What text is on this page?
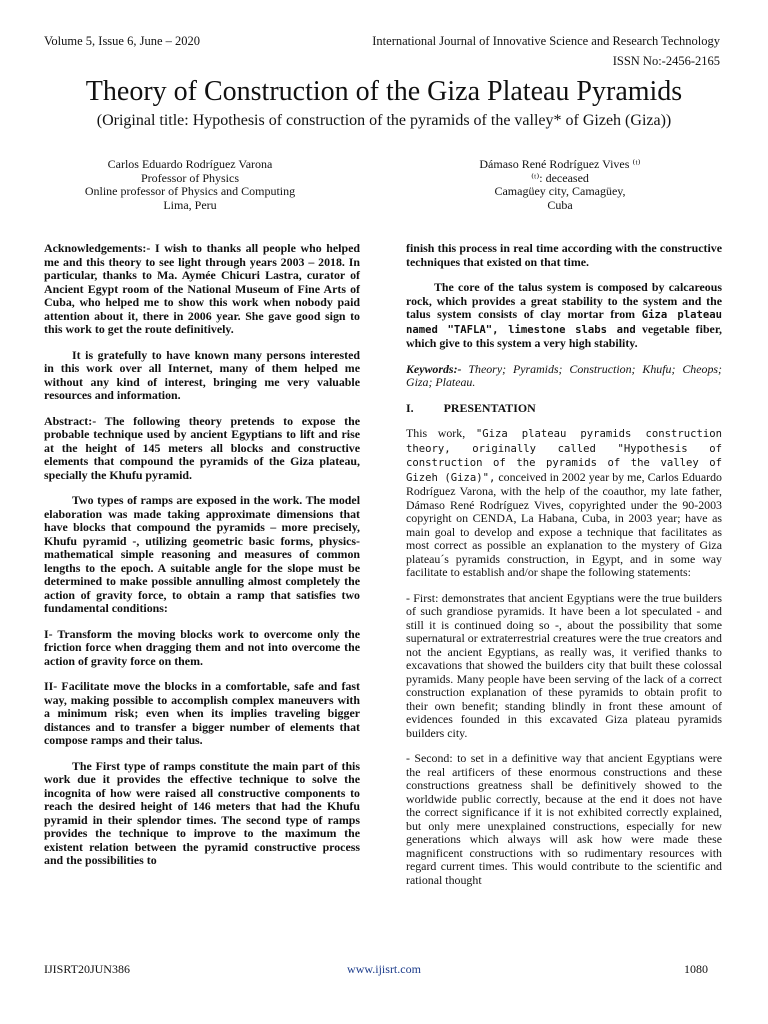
Volume 5, Issue 6, June – 2020	International Journal of Innovative Science and Research Technology
ISSN No:-2456-2165
Theory of Construction of the Giza Plateau Pyramids
(Original title: Hypothesis of construction of the pyramids of the valley* of Gizeh (Giza))
Carlos Eduardo Rodríguez Varona
Professor of Physics
Online professor of Physics and Computing
Lima, Peru
Dámaso René Rodríguez Vives ⁽ᵗ⁾
⁽ᵗ⁾: deceased
Camagüey city, Camagüey,
Cuba

Acknowledgements:- I wish to thanks all people who helped me and this theory to see light through years 2003 – 2018. In particular, thanks to Ma. Aymée Chicuri Lastra, curator of Ancient Egypt room of the National Museum of Fine Arts of Cuba, who helped me to show this work when nobody paid attention about it, there in 2006 year. She gave good sign to this work to get the route definitively.

It is gratefully to have known many persons interested in this work over all Internet, many of them helped me without any kind of interest, bringing me very valuable resources and information.

Abstract:- The following theory pretends to expose the probable technique used by ancient Egyptians to lift and rise at the height of 145 meters all blocks and constructive elements that compound the pyramids of the Giza plateau, specially the Khufu pyramid.

Two types of ramps are exposed in the work. The model elaboration was made taking approximate dimensions that have blocks that compound the pyramids – more precisely, Khufu pyramid -, utilizing geometric basic forms, physics-mathematical simple reasoning and measures of common lengths to the epoch. A suitable angle for the slope must be determined to make possible annulling almost completely the action of gravity force, to obtain a ramp that satisfies two fundamental conditions:

I- Transform the moving blocks work to overcome only the friction force when dragging them and not into overcome the action of gravity force on them.

II- Facilitate move the blocks in a comfortable, safe and fast way, making possible to accomplish complex maneuvers with a minimum risk; even when its implies traveling bigger distances and to transfer a bigger number of elements that compose ramps and their talus.

The First type of ramps constitute the main part of this work due it provides the effective technique to solve the incognita of how were raised all constructive components to reach the desired height of 146 meters that had the Khufu pyramid in their splendor times. The second type of ramps provides the technique to improve to the maximum the existent relation between the pyramid constructive process and the possibilities to

finish this process in real time according with the constructive techniques that existed on that time.

The core of the talus system is composed by calcareous rock, which provides a great stability to the system and the talus system consists of clay mortar from Giza plateau named "TAFLA", limestone slabs and vegetable fiber, which give to this system a very high stability.

Keywords:- Theory; Pyramids; Construction; Khufu; Cheops; Giza; Plateau.

I.	PRESENTATION

This work, "Giza plateau pyramids construction theory, originally called "Hypothesis of construction of the pyramids of the valley of Gizeh (Giza)", conceived in 2002 year by me, Carlos Eduardo Rodríguez Varona, with the help of the coauthor, my late father, Dámaso René Rodríguez Vives, copyrighted under the 90-2003 copyright on CENDA, La Habana, Cuba, in 2003 year; have as main goal to develop and expose a technique that facilitates as most correct as possible an explanation to the mystery of Giza plateau´s pyramids construction, in Egypt, and in some way facilitate to establish and/or shape the following statements:

- First: demonstrates that ancient Egyptians were the true builders of such grandiose pyramids. It have been a lot speculated - and still it is continued doing so -, about the possibility that some supernatural or extraterrestrial creatures were the true creators and not the ancient Egyptians, as really was, it verified thanks to excavations that showed the builders city that built these colossal pyramids. Many people have been serving of the lack of a correct construction explanation of these pyramids to obtain profit to their own benefit; standing blindly in front these amount of evidences founded in this excavated Giza plateau pyramids builders city.

- Second: to set in a definitive way that ancient Egyptians were the real artificers of these enormous constructions and these constructions greatness shall be definitively showed to the worldwide public correctly, because at the end it does not have the correct significance if it is not exhibited correctly explained, but only mere unexplained constructions, especially for new generations which always will ask how were made these magnificent constructions with so rudimentary resources with regard current times. This would contribute to the scientific and rational thought

IJISRT20JUN386	www.ijisrt.com	1080
